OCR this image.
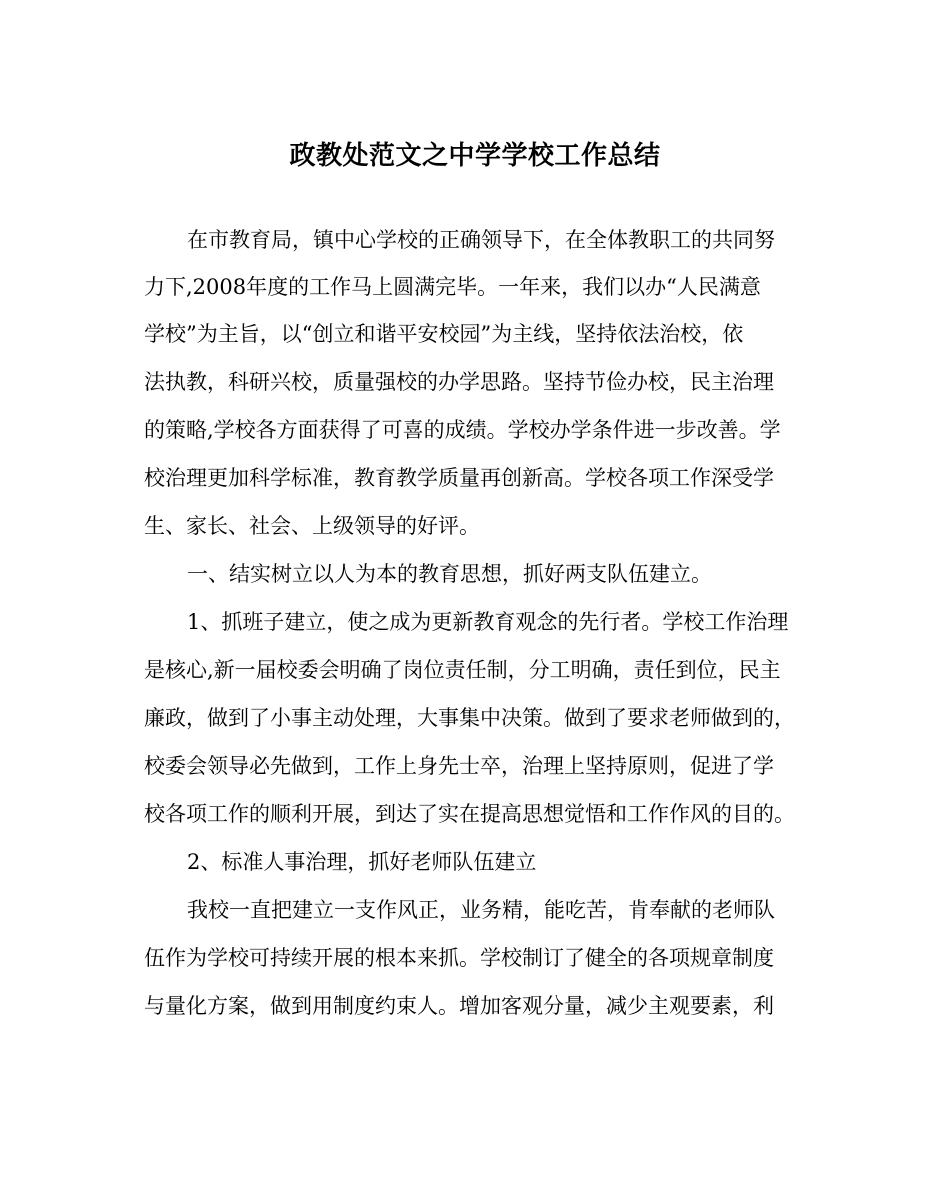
政教处范文之中学学校工作总结
在市教育局，镇中心学校的正确领导下，在全体教职工的共同努
力下,2008年度的工作马上圆满完毕。一年来，我们以办“人民满意
学校”为主旨，以“创立和谐平安校园”为主线，坚持依法治校，依
法执教，科研兴校，质量强校的办学思路。坚持节俭办校，民主治理
的策略,学校各方面获得了可喜的成绩。学校办学条件进一步改善。学
校治理更加科学标准，教育教学质量再创新高。学校各项工作深受学
生、家长、社会、上级领导的好评。
一、结实树立以人为本的教育思想，抓好两支队伍建立。
1、抓班子建立，使之成为更新教育观念的先行者。学校工作治理
是核心,新一届校委会明确了岗位责任制，分工明确，责任到位，民主
廉政，做到了小事主动处理，大事集中决策。做到了要求老师做到的，
校委会领导必先做到，工作上身先士卒，治理上坚持原则，促进了学
校各项工作的顺利开展，到达了实在提高思想觉悟和工作作风的目的。
2、标准人事治理，抓好老师队伍建立
我校一直把建立一支作风正，业务精，能吃苦，肯奉献的老师队
伍作为学校可持续开展的根本来抓。学校制订了健全的各项规章制度
与量化方案，做到用制度约束人。增加客观分量，减少主观要素，利
